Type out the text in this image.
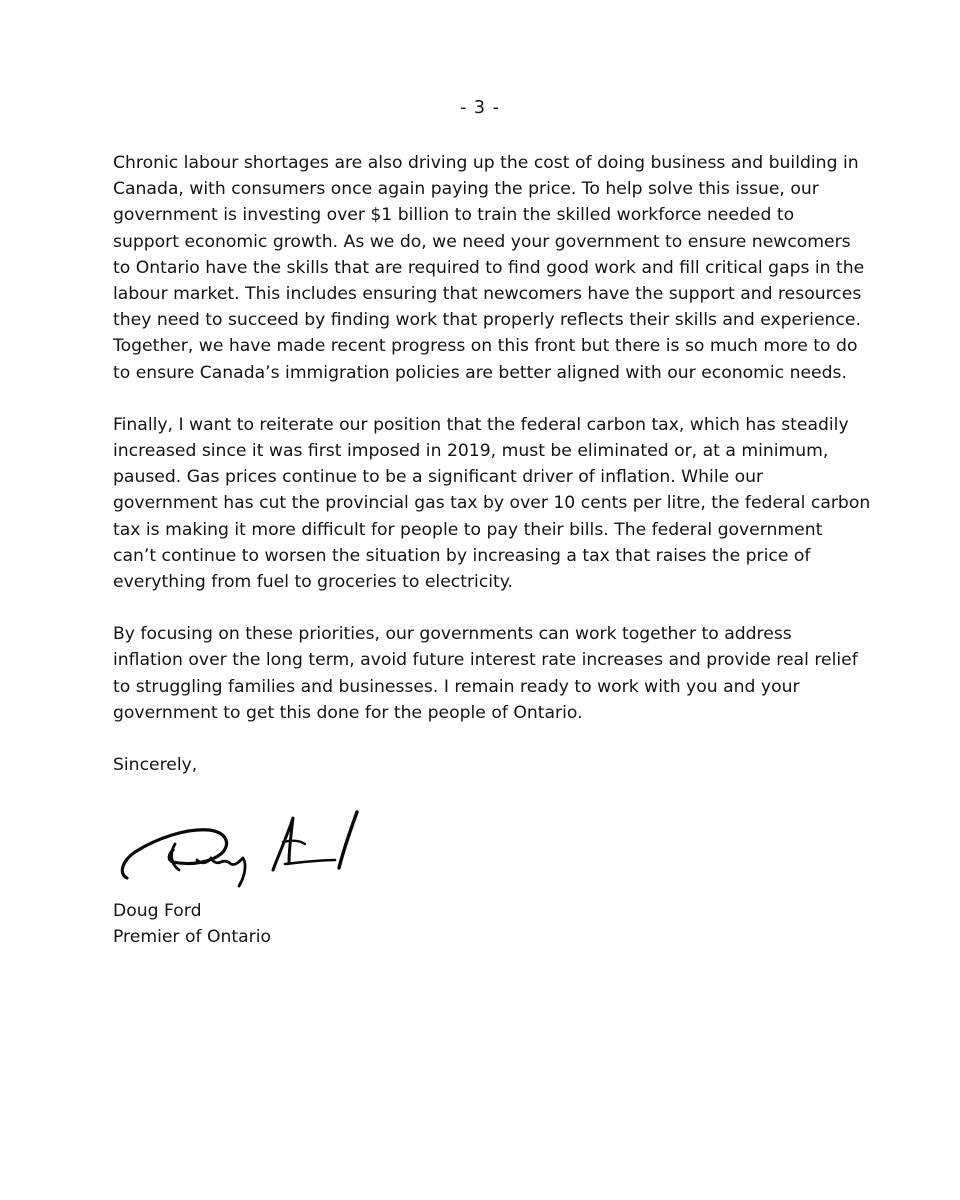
- 3 -

Chronic labour shortages are also driving up the cost of doing business and building in
Canada, with consumers once again paying the price. To help solve this issue, our
government is investing over $1 billion to train the skilled workforce needed to
support economic growth. As we do, we need your government to ensure newcomers
to Ontario have the skills that are required to find good work and fill critical gaps in the
labour market. This includes ensuring that newcomers have the support and resources
they need to succeed by finding work that properly reflects their skills and experience.
Together, we have made recent progress on this front but there is so much more to do
to ensure Canada’s immigration policies are better aligned with our economic needs.

Finally, I want to reiterate our position that the federal carbon tax, which has steadily
increased since it was first imposed in 2019, must be eliminated or, at a minimum,
paused. Gas prices continue to be a significant driver of inflation. While our
government has cut the provincial gas tax by over 10 cents per litre, the federal carbon
tax is making it more difficult for people to pay their bills. The federal government
can’t continue to worsen the situation by increasing a tax that raises the price of
everything from fuel to groceries to electricity.

By focusing on these priorities, our governments can work together to address
inflation over the long term, avoid future interest rate increases and provide real relief
to struggling families and businesses. I remain ready to work with you and your
government to get this done for the people of Ontario.

Sincerely,

Doug Ford
Premier of Ontario
